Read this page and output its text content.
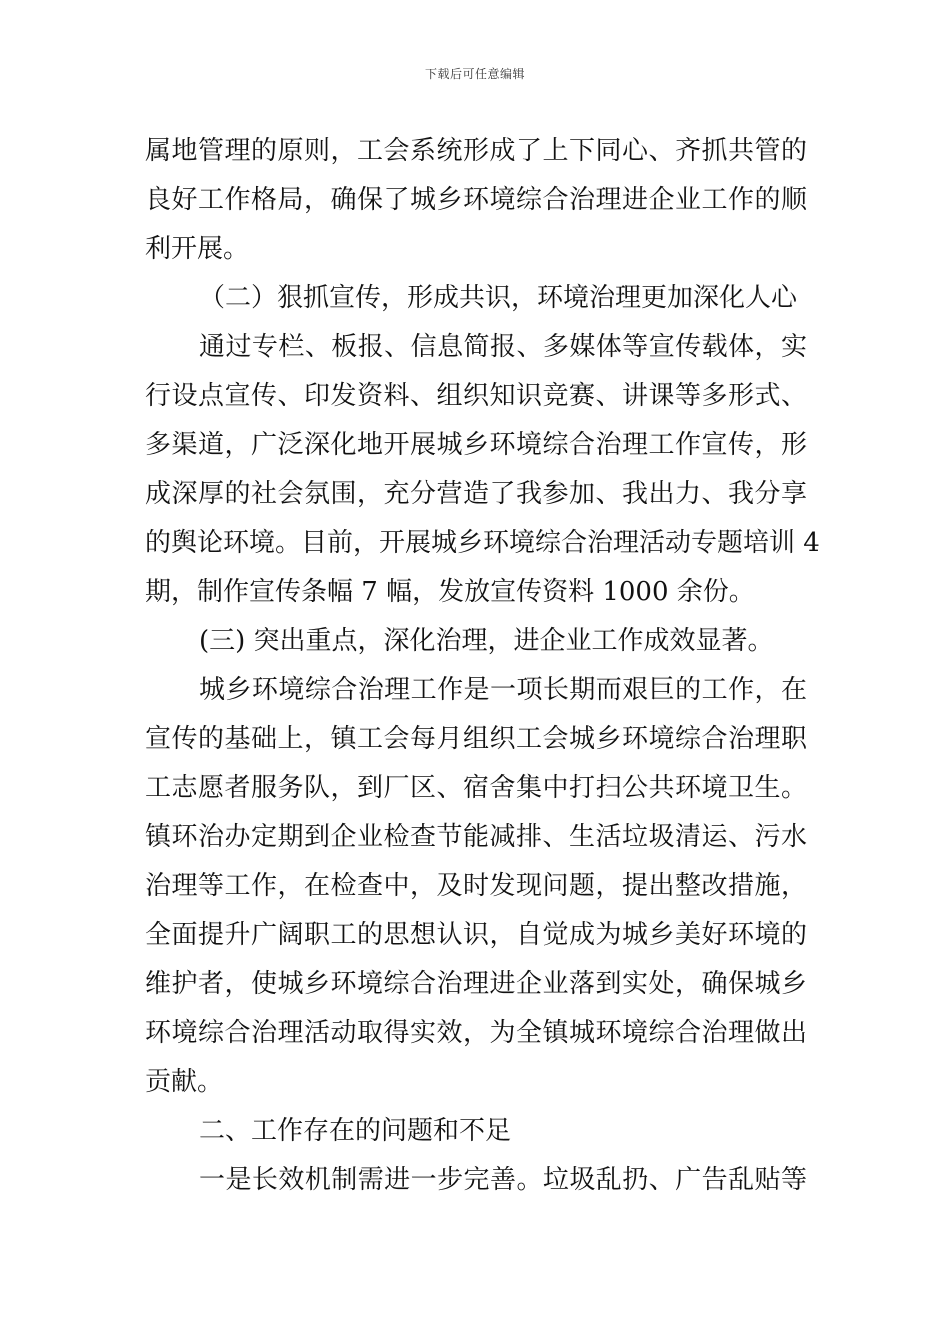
下载后可任意编辑
属地管理的原则，工会系统形成了上下同心、齐抓共管的
良好工作格局，确保了城乡环境综合治理进企业工作的顺
利开展。
（二）狠抓宣传，形成共识，环境治理更加深化人心
通过专栏、板报、信息简报、多媒体等宣传载体，实
行设点宣传、印发资料、组织知识竞赛、讲课等多形式、
多渠道，广泛深化地开展城乡环境综合治理工作宣传，形
成深厚的社会氛围，充分营造了我参加、我出力、我分享
的舆论环境。目前，开展城乡环境综合治理活动专题培训 4
期，制作宣传条幅 7 幅，发放宣传资料 1000 余份。
(三) 突出重点，深化治理，进企业工作成效显著。
城乡环境综合治理工作是一项长期而艰巨的工作，在
宣传的基础上，镇工会每月组织工会城乡环境综合治理职
工志愿者服务队，到厂区、宿舍集中打扫公共环境卫生。
镇环治办定期到企业检查节能减排、生活垃圾清运、污水
治理等工作，在检查中，及时发现问题，提出整改措施，
全面提升广阔职工的思想认识，自觉成为城乡美好环境的
维护者，使城乡环境综合治理进企业落到实处，确保城乡
环境综合治理活动取得实效，为全镇城环境综合治理做出
贡献。
二、工作存在的问题和不足
一是长效机制需进一步完善。垃圾乱扔、广告乱贴等
